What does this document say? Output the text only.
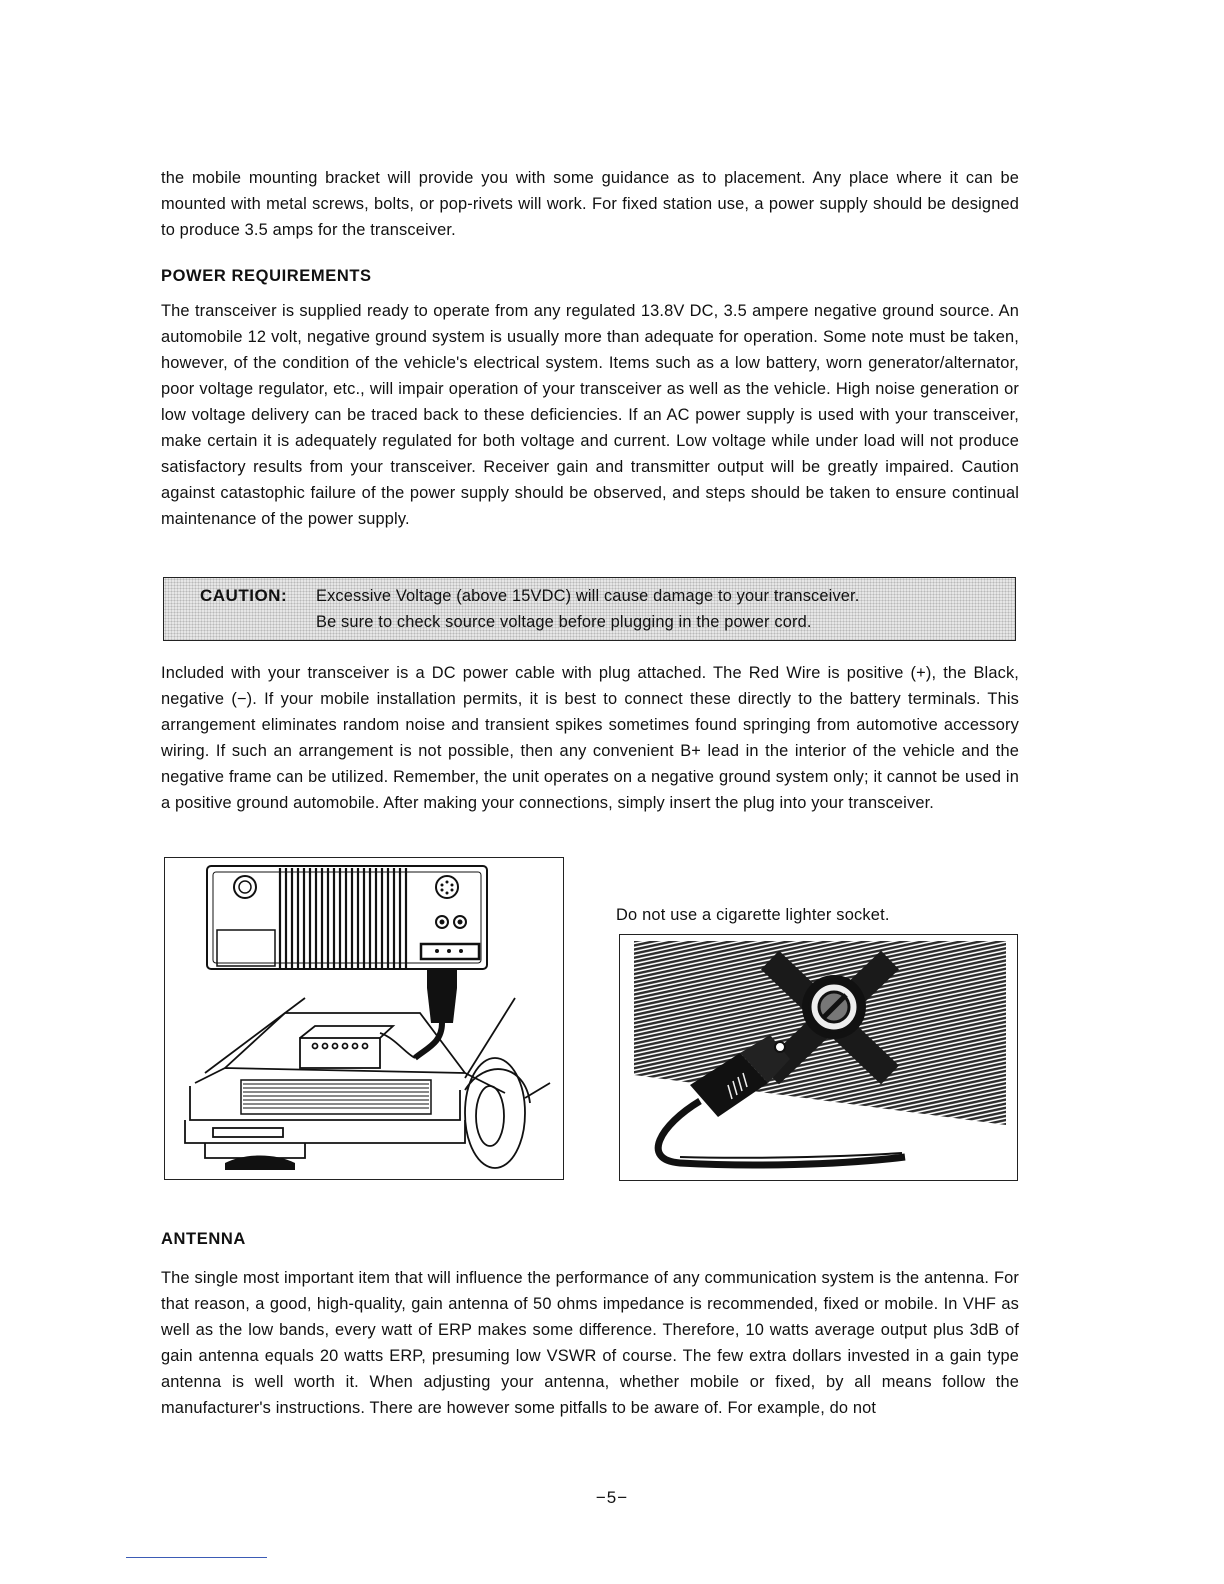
the mobile mounting bracket will provide you with some guidance as to placement. Any place where it can be mounted with metal screws, bolts, or pop-rivets will work. For fixed station use, a power supply should be designed to produce 3.5 amps for the transceiver.

POWER REQUIREMENTS

The transceiver is supplied ready to operate from any regulated 13.8V DC, 3.5 ampere negative ground source. An automobile 12 volt, negative ground system is usually more than adequate for operation. Some note must be taken, however, of the condition of the vehicle's electrical system. Items such as a low battery, worn generator/alternator, poor voltage regulator, etc., will impair operation of your transceiver as well as the vehicle. High noise generation or low voltage delivery can be traced back to these deficiencies. If an AC power supply is used with your transceiver, make certain it is adequately regulated for both voltage and current. Low voltage while under load will not produce satisfactory results from your transceiver. Receiver gain and transmitter output will be greatly impaired. Caution against catastophic failure of the power supply should be observed, and steps should be taken to ensure continual maintenance of the power supply.

CAUTION: Excessive Voltage (above 15VDC) will cause damage to your transceiver.
Be sure to check source voltage before plugging in the power cord.

Included with your transceiver is a DC power cable with plug attached. The Red Wire is positive (+), the Black, negative (−). If your mobile installation permits, it is best to connect these directly to the battery terminals. This arrangement eliminates random noise and transient spikes sometimes found springing from automotive accessory wiring. If such an arrangement is not possible, then any convenient B+ lead in the interior of the vehicle and the negative frame can be utilized. Remember, the unit operates on a negative ground system only; it cannot be used in a positive ground automobile. After making your connections, simply insert the plug into your transceiver.

Do not use a cigarette lighter socket.

ANTENNA

The single most important item that will influence the performance of any communication system is the antenna. For that reason, a good, high-quality, gain antenna of 50 ohms impedance is recommended, fixed or mobile. In VHF as well as the low bands, every watt of ERP makes some difference. Therefore, 10 watts average output plus 3dB of gain antenna equals 20 watts ERP, presuming low VSWR of course. The few extra dollars invested in a gain type antenna is well worth it. When adjusting your antenna, whether mobile or fixed, by all means follow the manufacturer's instructions. There are however some pitfalls to be aware of. For example, do not

−5−
